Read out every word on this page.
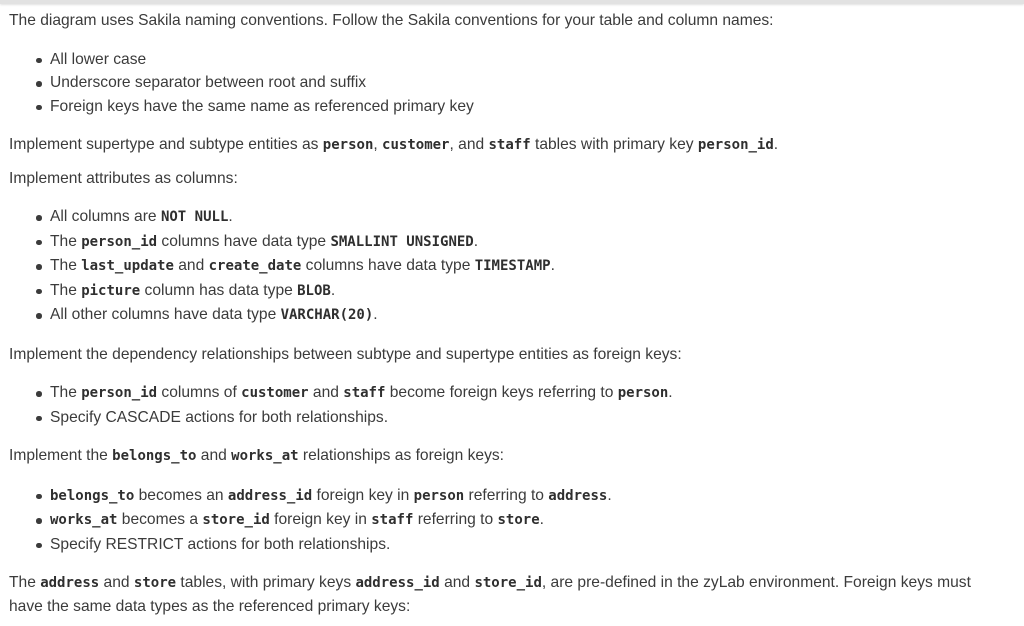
The diagram uses Sakila naming conventions. Follow the Sakila conventions for your table and column names:

All lower case
Underscore separator between root and suffix
Foreign keys have the same name as referenced primary key

Implement supertype and subtype entities as person, customer, and staff tables with primary key person_id.

Implement attributes as columns:

All columns are NOT NULL.
The person_id columns have data type SMALLINT UNSIGNED.
The last_update and create_date columns have data type TIMESTAMP.
The picture column has data type BLOB.
All other columns have data type VARCHAR(20).

Implement the dependency relationships between subtype and supertype entities as foreign keys:

The person_id columns of customer and staff become foreign keys referring to person.
Specify CASCADE actions for both relationships.

Implement the belongs_to and works_at relationships as foreign keys:

belongs_to becomes an address_id foreign key in person referring to address.
works_at becomes a store_id foreign key in staff referring to store.
Specify RESTRICT actions for both relationships.

The address and store tables, with primary keys address_id and store_id, are pre-defined in the zyLab environment. Foreign keys must have the same data types as the referenced primary keys:
